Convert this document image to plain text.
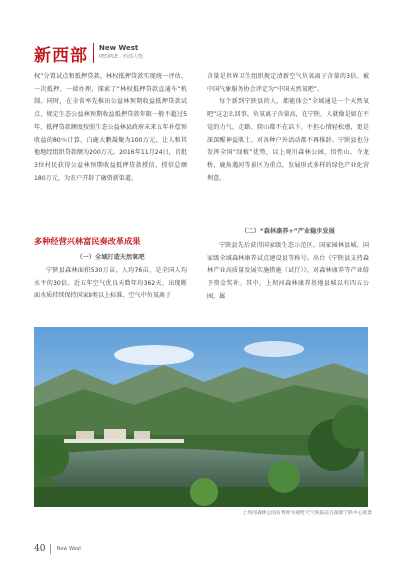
新西部 New West
PEOPLE · 西部人物

权”分置试点和抵押贷款。林权抵押贷款实现统一评估、一次抵押、一端办理，探索了“林权抵押贷款直通车”机制。同时，在全省率先推出公益林预期收益抵押贷款试点，规定生态公益林预期收益抵押贷款年限一般不超过5年，抵押贷款额度按照生态公益林县政府未来五年补偿预收益的80％计算，白鹿大鹏凝聚为100万元、让人和其他地经组织贷款额为200万元。2016年11月24日，首批3位村民获得公益林预期收益抵押贷款授信，授信总额180万元，为农户开辟了融资新渠道。

多种经营兴林富民奏改革成果
（一）全域打造天然氧吧

宁陕县森林面积530万亩，人均76亩，是全国人均水平的30倍。近五年空气优良天数年均362天，出现断面水质持续保持国家Ⅱ类以上标准，空气中负氧离子

含量是世界卫生组织规定清新空气负氧离子含量的3倍。被中国气象服务协会评定为“中国天然氧吧”。

每个新到宁陕县的人，都能体会“全域通是一个天然氧吧”这怎么回事。负氧离子含量高，在宁陕，人就像是如在不觉的力气，走路、爬山都不在话下。不但心情轻松感，更是深深醒神益肌土。对各种户外活动都不再推辞。宁陕县也分发挥全国“绿植”优势，以上观川森林公园，悟性山、寺龙桥、鹿角遇河等景区为重点，发展形式多样的绿色产业化营利意。

（二）“森林康养+”产业稳步发展

宁陕县先后获得国家级生态示范区、国家园林县城、国家级全域森林康养试点建设县等称号。出台《宁陕县支持森林产业高质量发展实施措施（试行）》，对森林康养等产业给予资金奖补。其中，上坝河森林康养基地县城以有四五公园，属

上坝河森林公园有秀停为观给天气预报站目森源宁陕中心观景
40 New West
